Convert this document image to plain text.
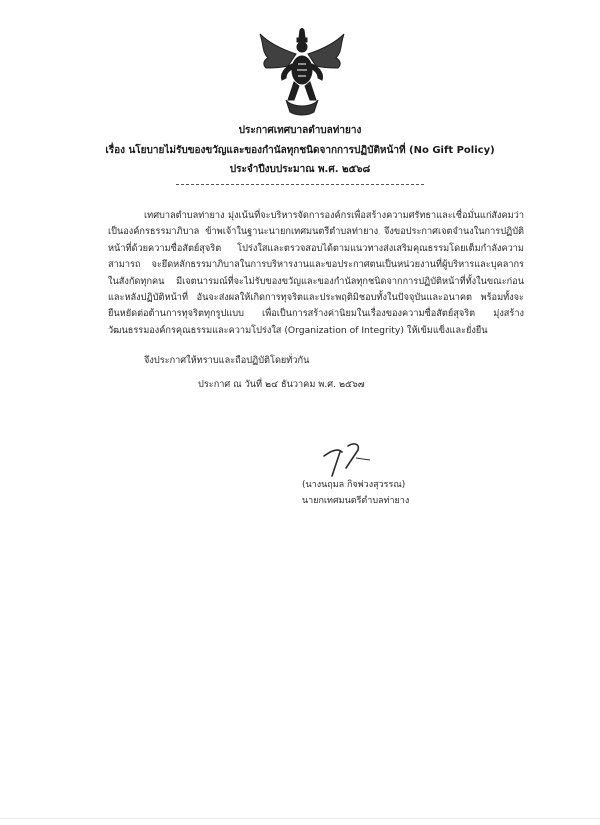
ประกาศเทศบาลตำบลท่ายาง
เรื่อง นโยบายไม่รับของขวัญและของกำนัลทุกชนิดจากการปฏิบัติหน้าที่ (No Gift Policy)
ประจำปีงบประมาณ พ.ศ. ๒๕๖๘

เทศบาลตำบลท่ายาง มุ่งเน้นที่จะบริหารจัดการองค์กรเพื่อสร้างความศรัทธาและเชื่อมั่นแก่สังคมว่าเป็นองค์กรธรรมาภิบาล ข้าพเจ้าในฐานะนายกเทศมนตรีตำบลท่ายาง จึงขอประกาศเจตจำนงในการปฏิบัติหน้าที่ด้วยความซื่อสัตย์สุจริต โปร่งใสและตรวจสอบได้ตามแนวทางส่งเสริมคุณธรรมโดยเต็มกำลังความสามารถ จะยึดหลักธรรมาภิบาลในการบริหารงานและขอประกาศตนเป็นหน่วยงานที่ผู้บริหารและบุคลากรในสังกัดทุกคน มีเจตนารมณ์ที่จะไม่รับของขวัญและของกำนัลทุกชนิดจากการปฏิบัติหน้าที่ทั้งในขณะก่อนและหลังปฏิบัติหน้าที่ อันจะส่งผลให้เกิดการทุจริตและประพฤติมิชอบทั้งในปัจจุบันและอนาคต พร้อมทั้งจะยืนหยัดต่อต้านการทุจริตทุกรูปแบบ เพื่อเป็นการสร้างค่านิยมในเรื่องของความซื่อสัตย์สุจริต มุ่งสร้างวัฒนธรรมองค์กรคุณธรรมและความโปร่งใส (Organization of Integrity) ให้เข้มแข็งและยั่งยืน

จึงประกาศให้ทราบและถือปฏิบัติโดยทั่วกัน
ประกาศ ณ วันที่ ๒๔ ธันวาคม พ.ศ. ๒๕๖๗
(นางนฤมล กิจพ่วงสุวรรณ)
นายกเทศมนตรีตำบลท่ายาง
